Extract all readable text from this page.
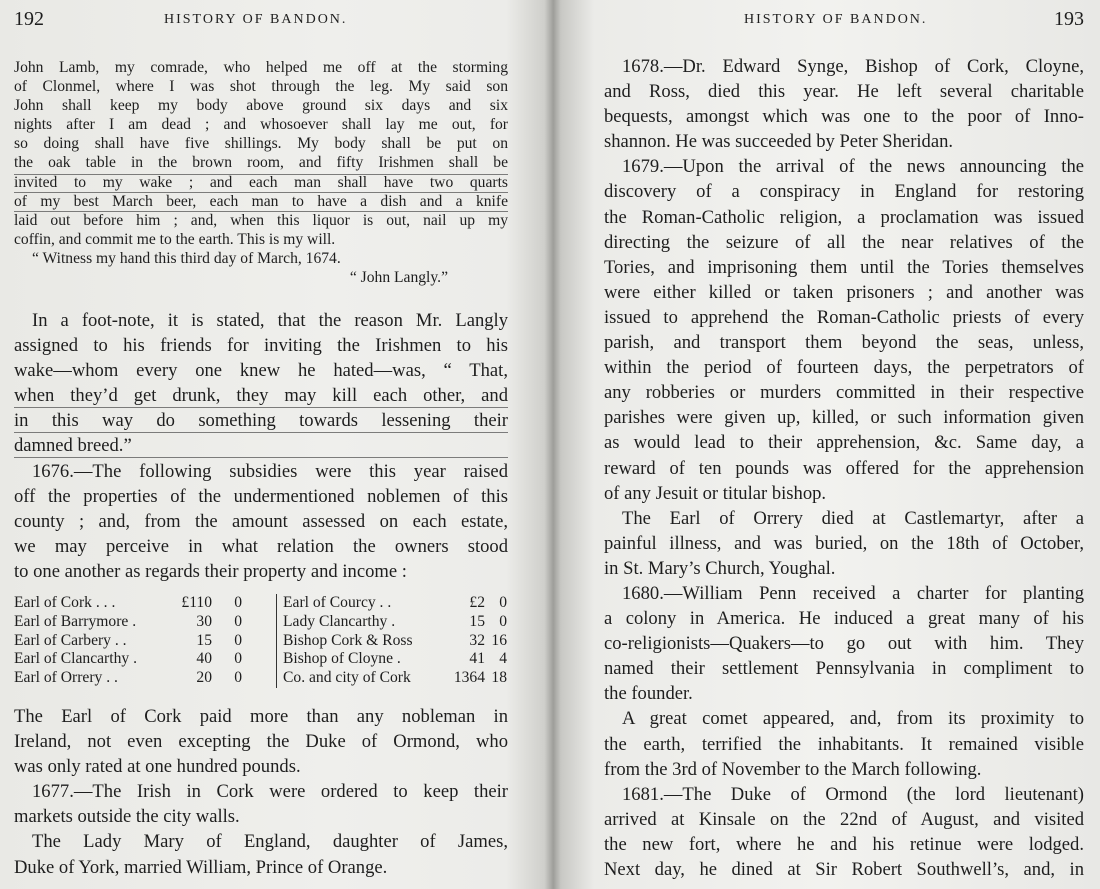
192	HISTORY OF BANDON.
John Lamb, my comrade, who helped me off at the storming
of Clonmel, where I was shot through the leg. My said son
John shall keep my body above ground six days and six
nights after I am dead ; and whosoever shall lay me out, for
so doing shall have five shillings. My body shall be put on
the oak table in the brown room, and fifty Irishmen shall be
invited to my wake ; and each man shall have two quarts
of my best March beer, each man to have a dish and a knife
laid out before him ; and, when this liquor is out, nail up my
coffin, and commit me to the earth. This is my will.
“ Witness my hand this third day of March, 1674.
“ John Langly.”
In a foot-note, it is stated, that the reason Mr. Langly
assigned to his friends for inviting the Irishmen to his
wake—whom every one knew he hated—was, “ That,
when they’d get drunk, they may kill each other, and
in this way do something towards lessening their
damned breed.”
1676.—The following subsidies were this year raised
off the properties of the undermentioned noblemen of this
county ; and, from the amount assessed on each estate,
we may perceive in what relation the owners stood
to one another as regards their property and income :
Earl of Cork . . .	£110	0
Earl of Barrymore .	30	0
Earl of Carbery . .	15	0
Earl of Clancarthy .	40	0
Earl of Orrery . .	20	0
Earl of Courcy . .	£2 0
Lady Clancarthy .	15 0
Bishop Cork & Ross	32 16
Bishop of Cloyne .	41 4
Co. and city of Cork	1364 18
The Earl of Cork paid more than any nobleman in
Ireland, not even excepting the Duke of Ormond, who
was only rated at one hundred pounds.
1677.—The Irish in Cork were ordered to keep their
markets outside the city walls.
The Lady Mary of England, daughter of James,
Duke of York, married William, Prince of Orange.
HISTORY OF BANDON.	193
1678.—Dr. Edward Synge, Bishop of Cork, Cloyne,
and Ross, died this year. He left several charitable
bequests, amongst which was one to the poor of Inno-
shannon. He was succeeded by Peter Sheridan.
1679.—Upon the arrival of the news announcing the
discovery of a conspiracy in England for restoring
the Roman-Catholic religion, a proclamation was issued
directing the seizure of all the near relatives of the
Tories, and imprisoning them until the Tories themselves
were either killed or taken prisoners ; and another was
issued to apprehend the Roman-Catholic priests of every
parish, and transport them beyond the seas, unless,
within the period of fourteen days, the perpetrators of
any robberies or murders committed in their respective
parishes were given up, killed, or such information given
as would lead to their apprehension, &c. Same day, a
reward of ten pounds was offered for the apprehension
of any Jesuit or titular bishop.
The Earl of Orrery died at Castlemartyr, after a
painful illness, and was buried, on the 18th of October,
in St. Mary’s Church, Youghal.
1680.—William Penn received a charter for planting
a colony in America. He induced a great many of his
co-religionists—Quakers—to go out with him. They
named their settlement Pennsylvania in compliment to
the founder.
A great comet appeared, and, from its proximity to
the earth, terrified the inhabitants. It remained visible
from the 3rd of November to the March following.
1681.—The Duke of Ormond (the lord lieutenant)
arrived at Kinsale on the 22nd of August, and visited
the new fort, where he and his retinue were lodged.
Next day, he dined at Sir Robert Southwell’s, and, in
